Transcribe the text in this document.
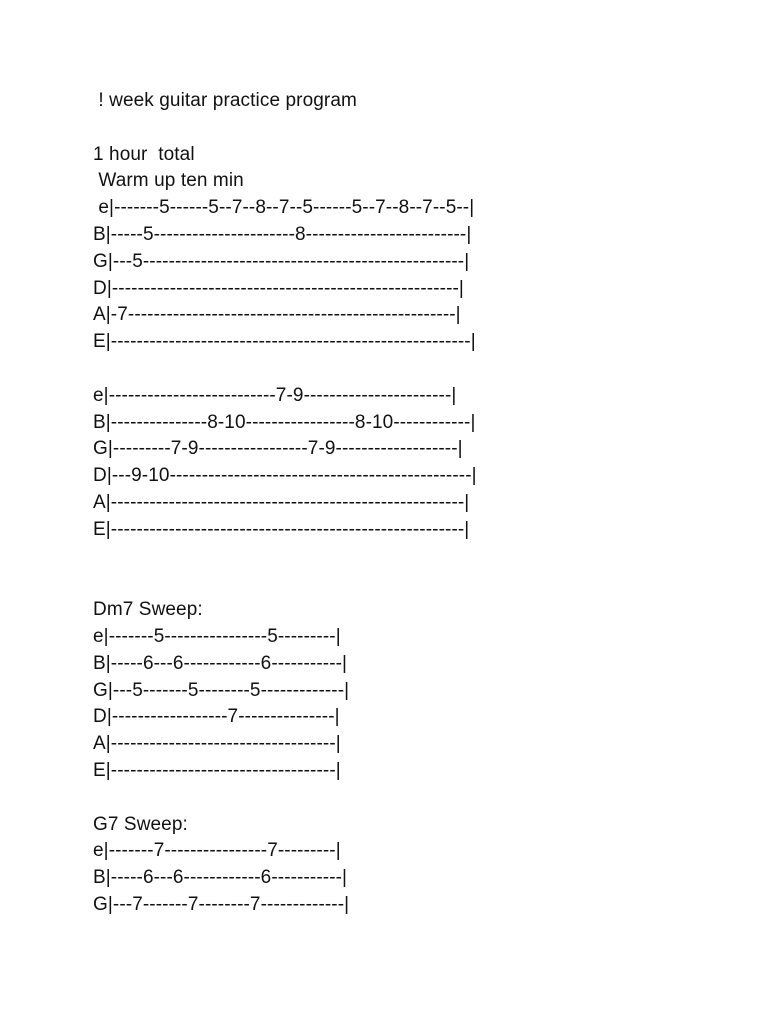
! week guitar practice program
1 hour  total
Warm up ten min
e|-------5------5--7--8--7--5------5--7--8--7--5--|
B|-----5----------------------8-------------------------|
G|---5--------------------------------------------------|
D|------------------------------------------------------|
A|-7---------------------------------------------------|
E|--------------------------------------------------------|
e|--------------------------7-9-----------------------|
B|---------------8-10-----------------8-10------------|
G|---------7-9-----------------7-9-------------------|
D|---9-10-----------------------------------------------|
A|-------------------------------------------------------|
E|-------------------------------------------------------|
Dm7 Sweep:
e|-------5----------------5---------|
B|-----6---6------------6-----------|
G|---5-------5--------5-------------|
D|------------------7---------------|
A|-----------------------------------|
E|-----------------------------------|
G7 Sweep:
e|-------7----------------7---------|
B|-----6---6------------6-----------|
G|---7-------7--------7-------------|
